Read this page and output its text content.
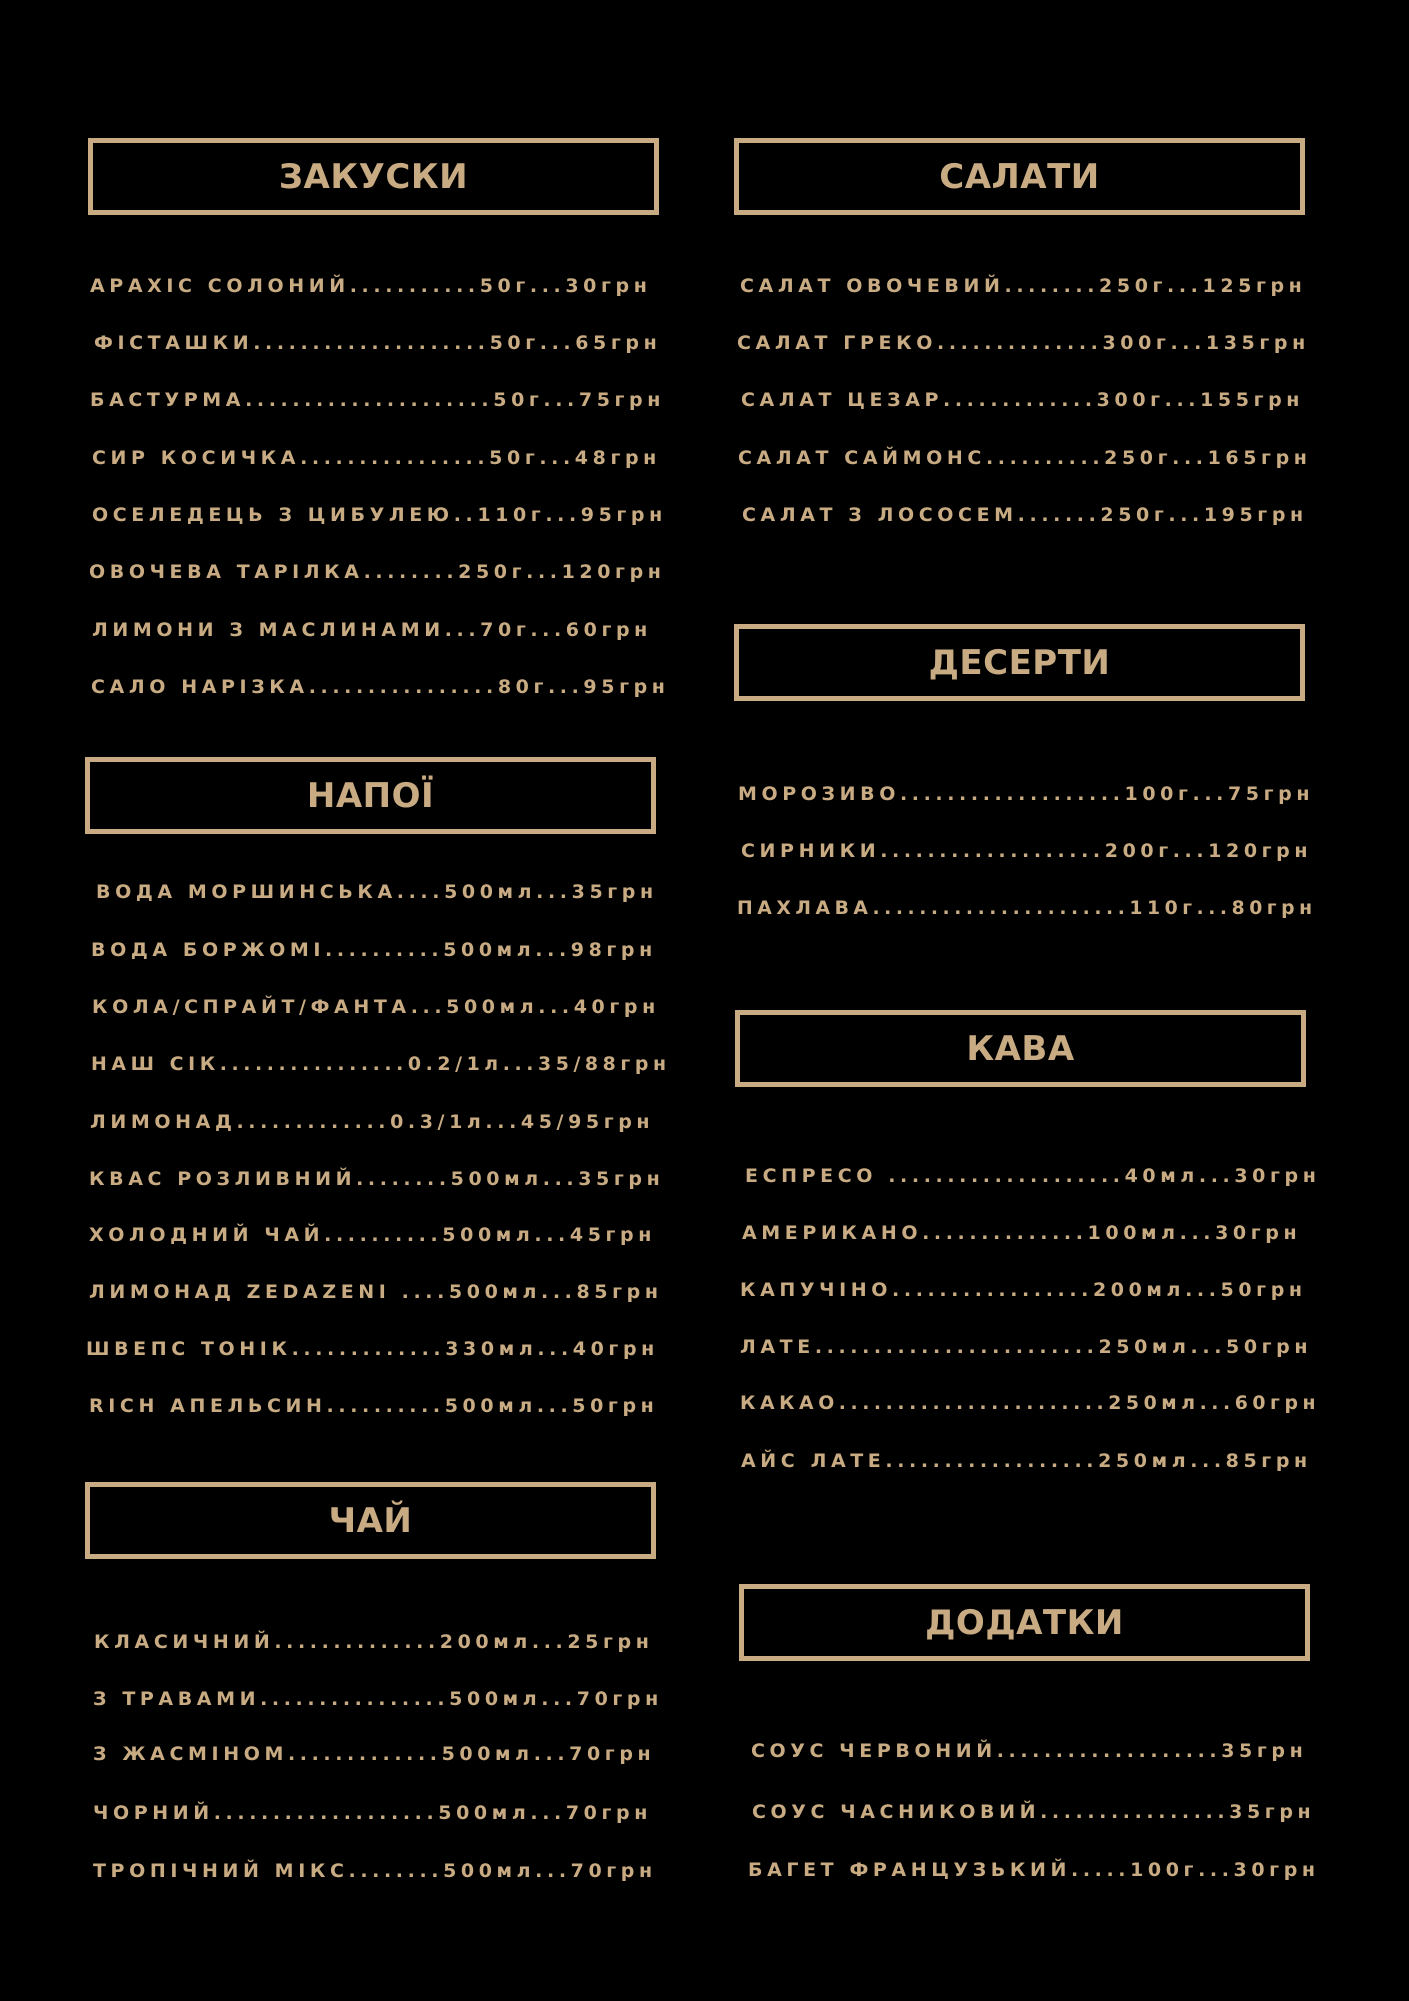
ЗАКУСКИ
АРАХІС СОЛОНИЙ...........50г...30грн
ФІСТАШКИ....................50г...65грн
БАСТУРМА.....................50г...75грн
СИР КОСИЧКА................50г...48грн
ОСЕЛЕДЕЦЬ З ЦИБУЛЕЮ..110г...95грн
ОВОЧЕВА ТАРІЛКА........250г...120грн
ЛИМОНИ З МАСЛИНАМИ...70г...60грн
САЛО НАРІЗКА................80г...95грн
НАПОЇ
ВОДА МОРШИНСЬКА....500мл...35грн
ВОДА БОРЖОМІ..........500мл...98грн
КОЛА/СПРАЙТ/ФАНТА...500мл...40грн
НАШ СІК................0.2/1л...35/88грн
ЛИМОНАД.............0.3/1л...45/95грн
КВАС РОЗЛИВНИЙ........500мл...35грн
ХОЛОДНИЙ ЧАЙ..........500мл...45грн
ЛИМОНАД ZEDAZENI ....500мл...85грн
ШВЕПС ТОНІК.............330мл...40грн
RICH АПЕЛЬСИН..........500мл...50грн
ЧАЙ
КЛАСИЧНИЙ..............200мл...25грн
З ТРАВАМИ................500мл...70грн
З ЖАСМІНОМ.............500мл...70грн
ЧОРНИЙ...................500мл...70грн
ТРОПІЧНИЙ МІКС........500мл...70грн
САЛАТИ
САЛАТ ОВОЧЕВИЙ........250г...125грн
САЛАТ ГРЕКО..............300г...135грн
САЛАТ ЦЕЗАР.............300г...155грн
САЛАТ САЙМОНС..........250г...165грн
САЛАТ З ЛОСОСЕМ.......250г...195грн
ДЕСЕРТИ
МОРОЗИВО...................100г...75грн
СИРНИКИ...................200г...120грн
ПАХЛАВА......................110г...80грн
КАВА
ЕСПРЕСО ....................40мл...30грн
АМЕРИКАНО..............100мл...30грн
КАПУЧІНО.................200мл...50грн
ЛАТЕ........................250мл...50грн
КАКАО.......................250мл...60грн
АЙС ЛАТЕ..................250мл...85грн
ДОДАТКИ
СОУС ЧЕРВОНИЙ...................35грн
СОУС ЧАСНИКОВИЙ................35грн
БАГЕТ ФРАНЦУЗЬКИЙ.....100г...30грн
